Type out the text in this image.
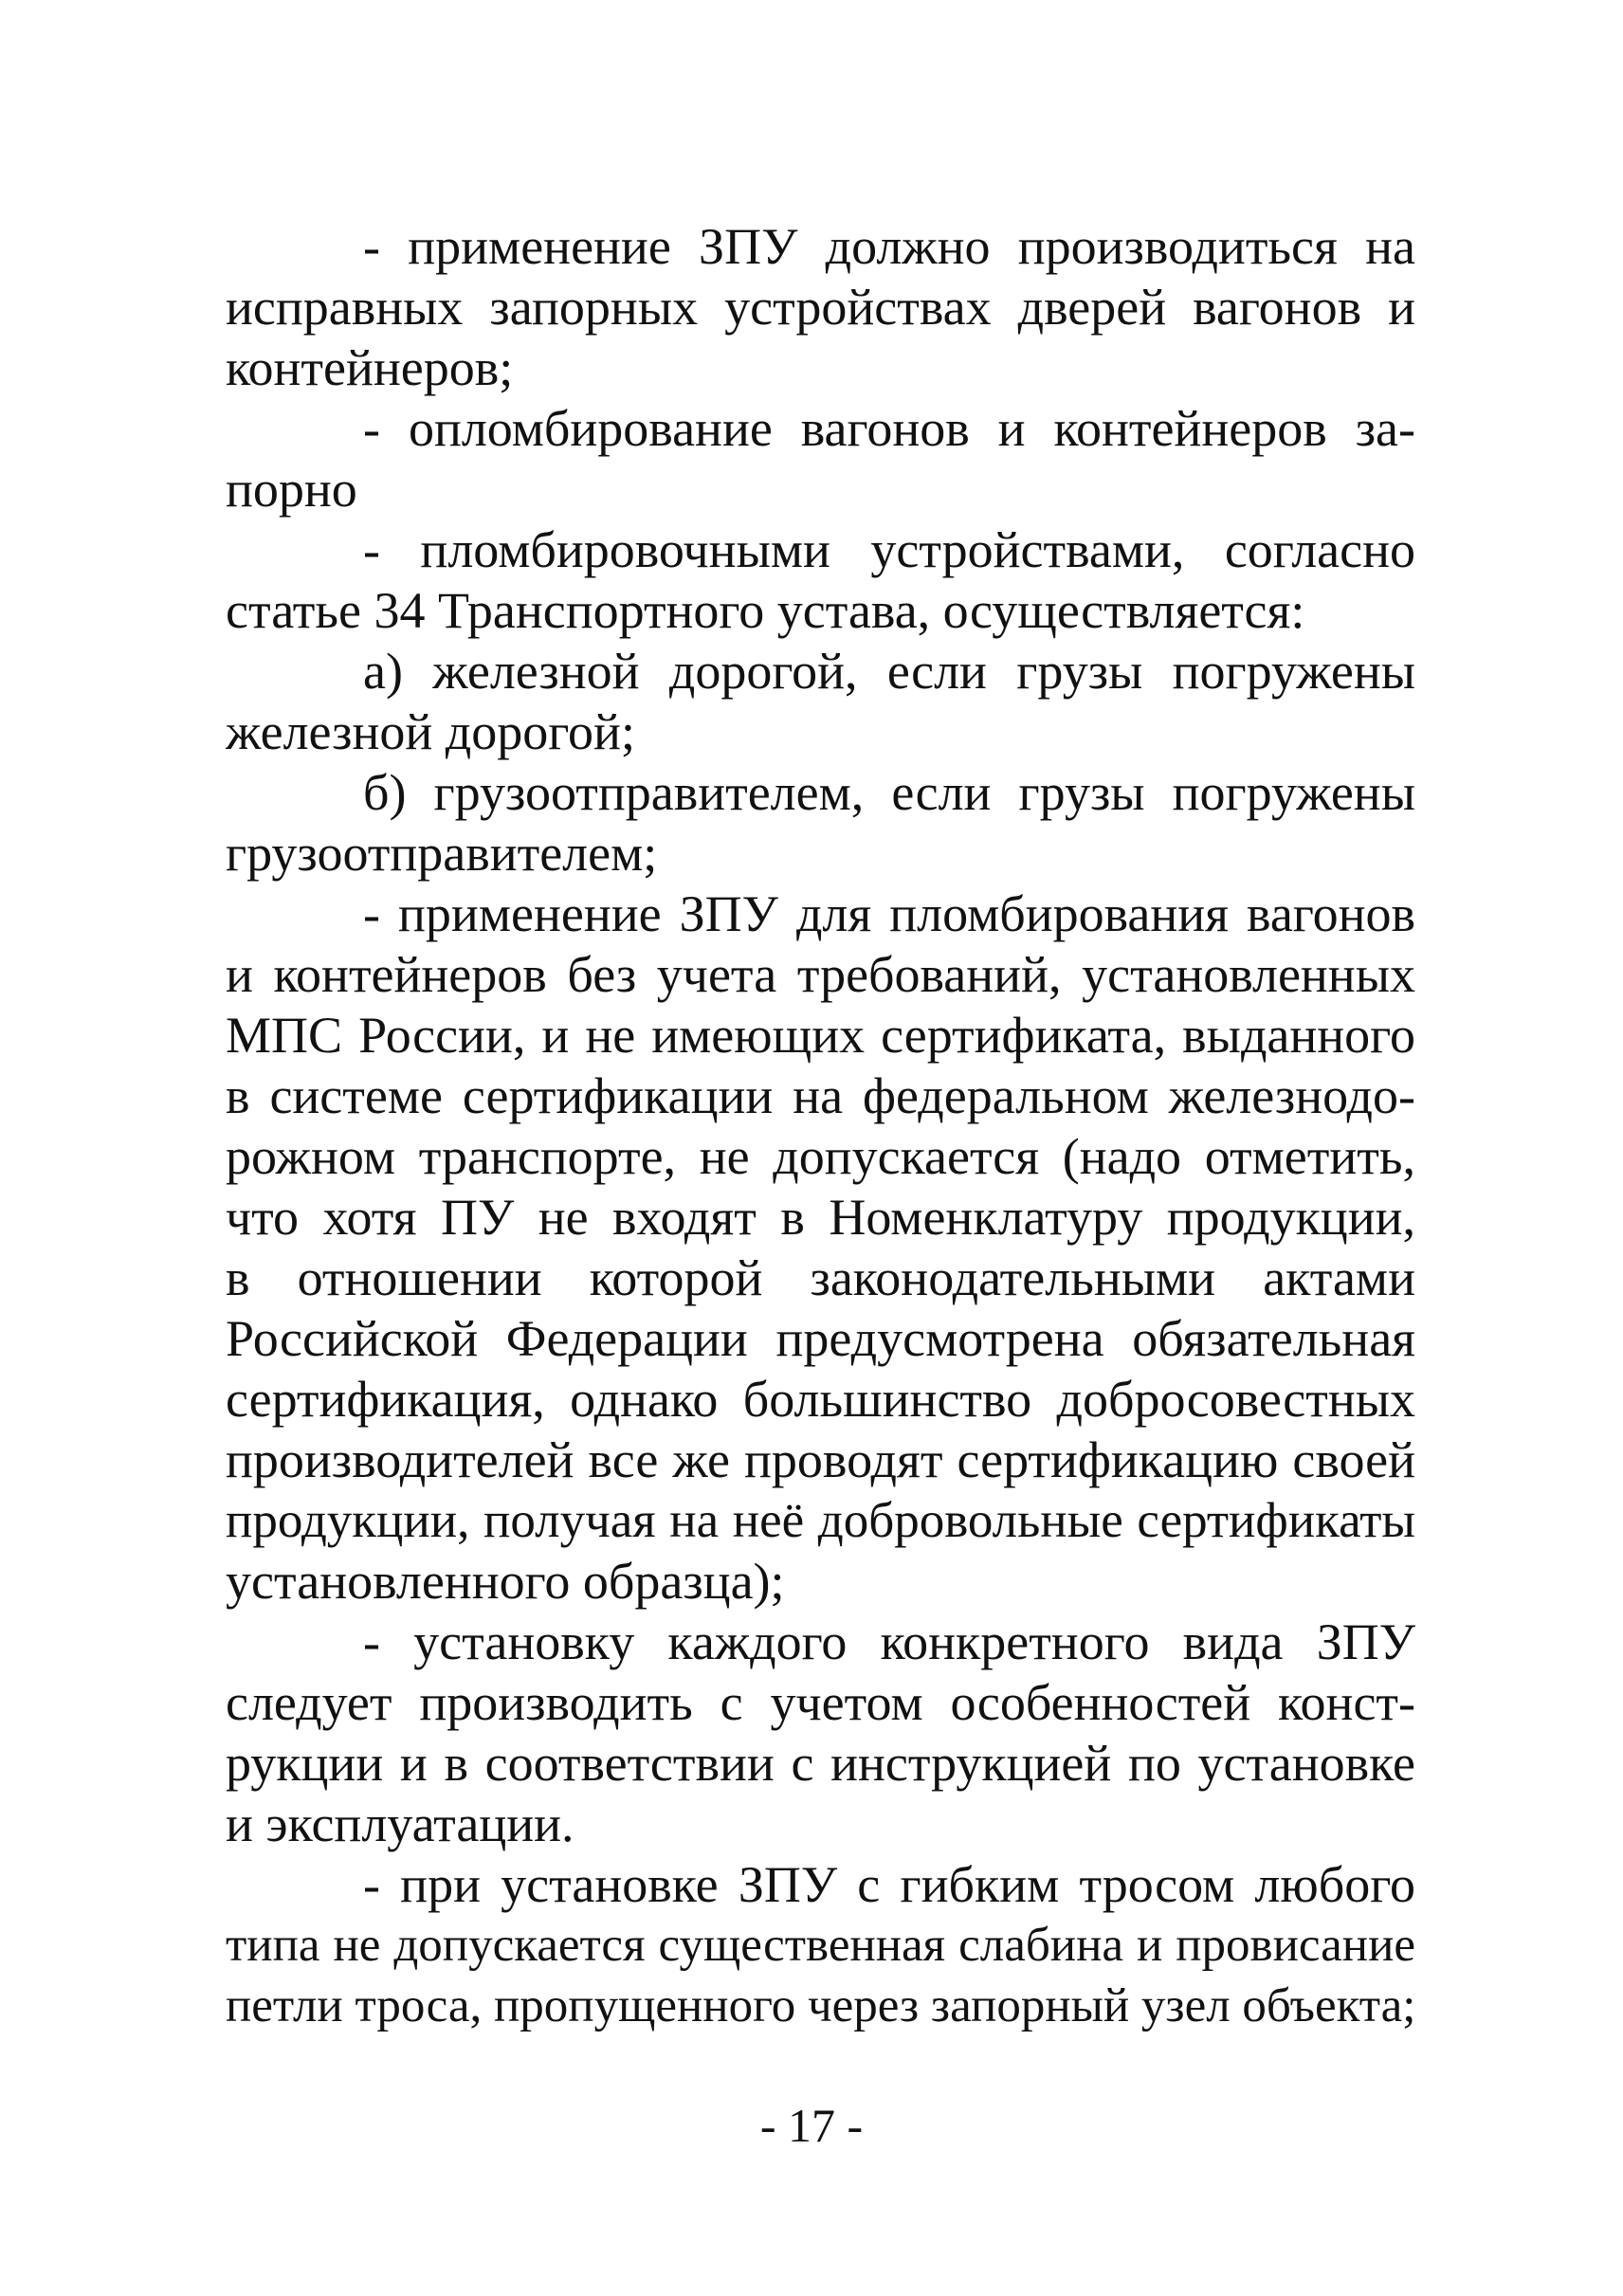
- применение ЗПУ должно производиться на
исправных запорных устройствах дверей вагонов и
контейнеров;
- опломбирование вагонов и контейнеров за-
порно
- пломбировочными устройствами, согласно
статье 34 Транспортного устава, осуществляется:
а) железной дорогой, если грузы погружены
железной дорогой;
б) грузоотправителем, если грузы погружены
грузоотправителем;
- применение ЗПУ для пломбирования вагонов
и контейнеров без учета требований, установленных
МПС России, и не имеющих сертификата, выданного
в системе сертификации на федеральном железнодо-
рожном транспорте, не допускается (надо отметить,
что хотя ПУ не входят в Номенклатуру продукции,
в отношении которой законодательными актами
Российской Федерации предусмотрена обязательная
сертификация, однако большинство добросовестных
производителей все же проводят сертификацию своей
продукции, получая на неё добровольные сертификаты
установленного образца);
- установку каждого конкретного вида ЗПУ
следует производить с учетом особенностей конст-
рукции и в соответствии с инструкцией по установке
и эксплуатации.
- при установке ЗПУ с гибким тросом любого
типа не допускается существенная слабина и провисание
петли троса, пропущенного через запорный узел объекта;
- 17 -
